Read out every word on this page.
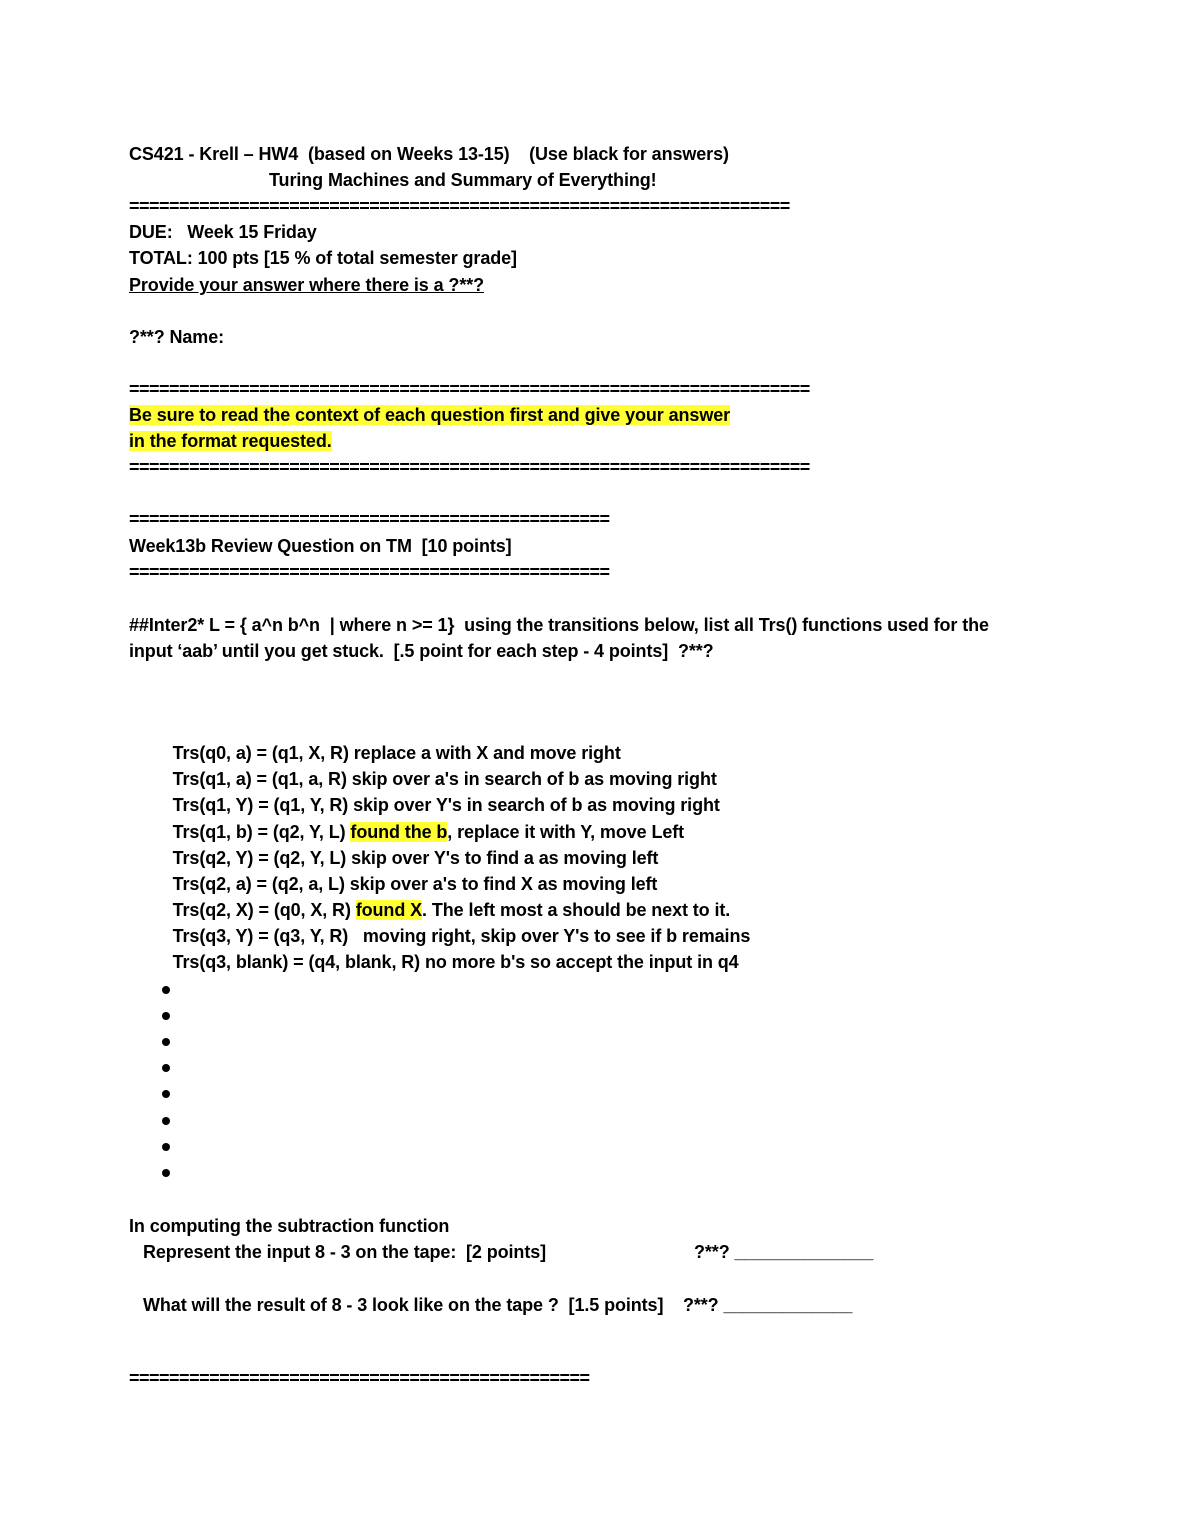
CS421 - Krell – HW4  (based on Weeks 13-15)    (Use black for answers)
Turing Machines and Summary of Everything!
==================================================================
DUE:   Week 15 Friday
TOTAL: 100 pts [15 % of total semester grade]
Provide your answer where there is a ?**?
?**? Name:
====================================================================
Be sure to read the context of each question first and give your answer
in the format requested.
====================================================================
================================================
Week13b Review Question on TM  [10 points]
================================================
##Inter2* L = { a^n b^n  | where n >= 1}  using the transitions below, list all Trs() functions used for the
input ‘aab’ until you get stuck.  [.5 point for each step - 4 points]  ?**?

Trs(q0, a) = (q1, X, R) replace a with X and move right

Trs(q1, a) = (q1, a, R) skip over a's in search of b as moving right

Trs(q1, Y) = (q1, Y, R) skip over Y's in search of b as moving right

Trs(q1, b) = (q2, Y, L) found the b, replace it with Y, move Left

Trs(q2, Y) = (q2, Y, L) skip over Y's to find a as moving left

Trs(q2, a) = (q2, a, L) skip over a's to find X as moving left

Trs(q2, X) = (q0, X, R) found X. The left most a should be next to it.

Trs(q3, Y) = (q3, Y, R)   moving right, skip over Y's to see if b remains

Trs(q3, blank) = (q4, blank, R) no more b's so accept the input in q4

In computing the subtraction function
Represent the input 8 - 3 on the tape:  [2 points]	?**? ______________
What will the result of 8 - 3 look like on the tape ?  [1.5 points]    ?**? _____________
==============================================
